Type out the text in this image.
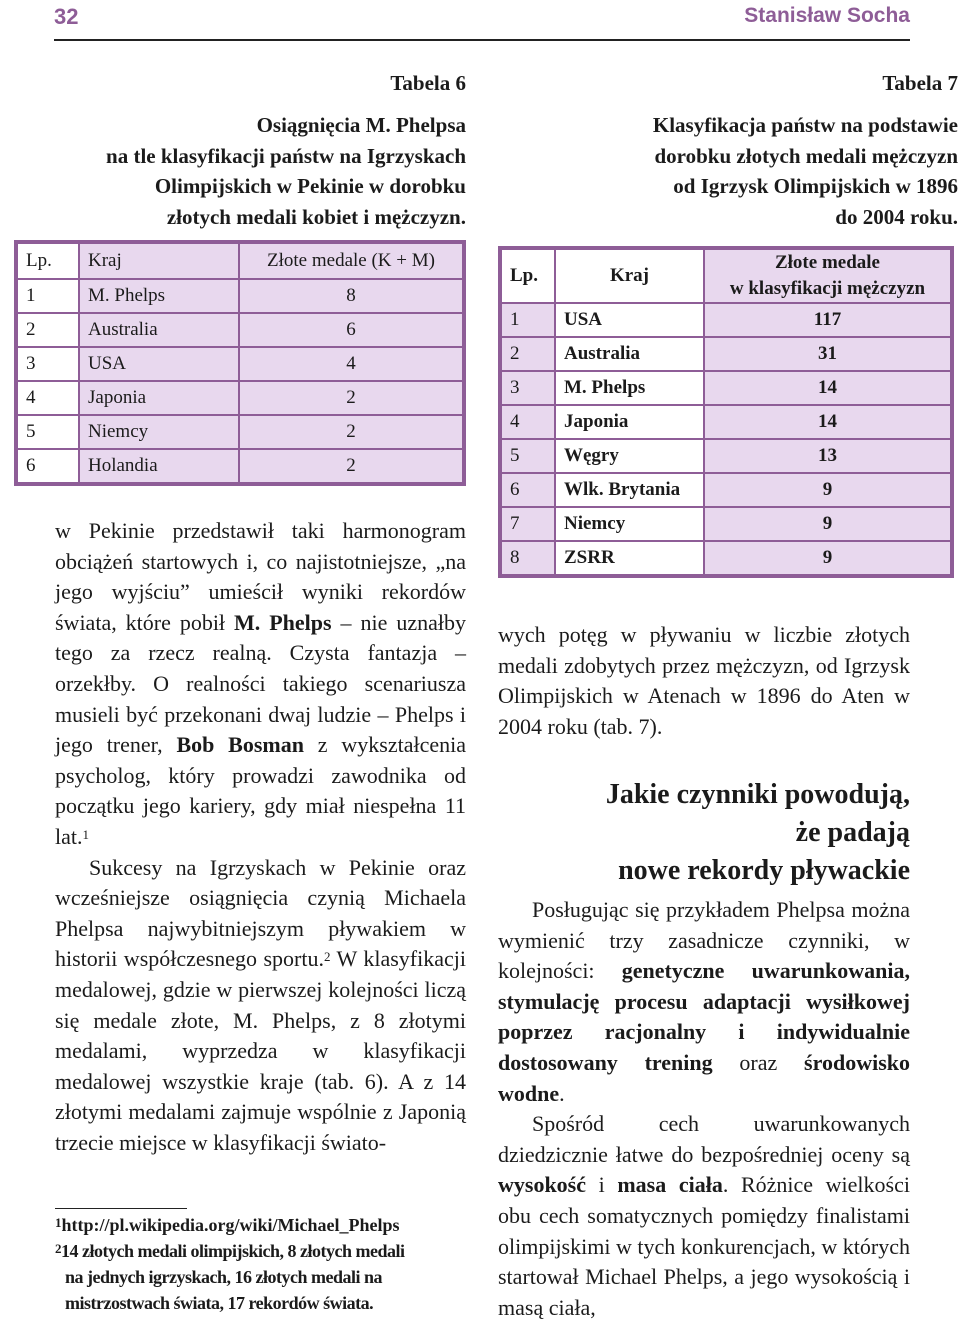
32	Stanisław Socha
Tabela 6
Osiągnięcia M. Phelpsa
na tle klasyfikacji państw na Igrzyskach
Olimpijskich w Pekinie w dorobku
złotych medali kobiet i mężczyzn.
Lp.	Kraj	Złote medale (K + M)
1	M. Phelps	8
2	Australia	6
3	USA	4
4	Japonia	2
5	Niemcy	2
6	Holandia	2
Tabela 7
Klasyfikacja państw na podstawie
dorobku złotych medali mężczyzn
od Igrzysk Olimpijskich w 1896
do 2004 roku.
Lp.	Kraj	Złote medale
w klasyfikacji mężczyzn

1	USA	117
2	Australia	31
3	M. Phelps	14
4	Japonia	14
5	Węgry	13
6	Wlk. Brytania	9
7	Niemcy	9
8	ZSRR	9

w Pekinie przedstawił taki harmonogram obciążeń startowych i, co najistotniejsze, „na jego wyjściu” umieścił wyniki rekordów świata, które pobił M. Phelps – nie uznałby tego za rzecz realną. Czysta fantazja – orzekłby. O realności takiego scenariusza musieli być przekonani dwaj ludzie – Phelps i jego trener, Bob Bosman z wykształcenia psycholog, który prowadzi zawodnika od początku jego kariery, gdy miał niespełna 11 lat.$^1$

Sukcesy na Igrzyskach w Pekinie oraz wcześniejsze osiągnięcia czynią Michaela Phelpsa najwybitniejszym pływakiem w historii współczesnego sportu.$^2$ W klasyfikacji medalowej, gdzie w pierwszej kolejności liczą się medale złote, M. Phelps, z 8 złotymi medalami, wyprzedza w klasyfikacji medalowej wszystkie kraje (tab. 6). A z 14 złotymi medalami zajmuje wspólnie z Japonią trzecie miejsce w klasyfikacji świato-

wych potęg w pływaniu w liczbie złotych medali zdobytych przez mężczyzn, od Igrzysk Olimpijskich w Atenach w 1896 do Aten w 2004 roku (tab. 7).

Jakie czynniki powodują,
że padają
nowe rekordy pływackie

Posługując się przykładem Phelpsa można wymienić trzy zasadnicze czynniki, w kolejności: genetyczne uwarunkowania, stymulację procesu adaptacji wysiłkowej poprzez racjonalny i indywidualnie dostosowany trening oraz środowisko wodne.

Spośród cech uwarunkowanych dziedzicznie łatwe do bezpośredniej oceny są wysokość i masa ciała. Różnice wielkości obu cech somatycznych pomiędzy finalistami olimpijskimi w tych konkurencjach, w których startował Michael Phelps, a jego wysokością i masą ciała,

$^1$http://pl.wikipedia.org/wiki/Michael_Phelps
$^2$14 złotych medali olimpijskich, 8 złotych medali
na jednych igrzyskach, 16 złotych medali na
mistrzostwach świata, 17 rekordów świata.
